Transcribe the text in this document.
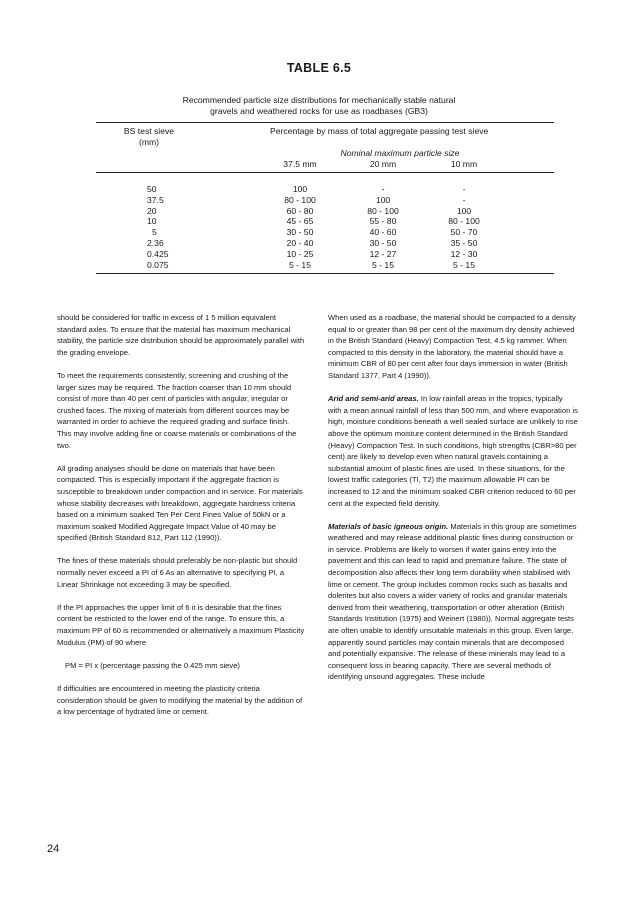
TABLE 6.5
Recommended particle size distributions for mechanically stable natural
gravels and weathered rocks for use as roadbases (GB3)
BS test sieve
(mm)
Percentage by mass of total aggregate passing test sieve
Nominal maximum particle size
37.5 mm	20 mm	10 mm
50
37.5
20
10
5
2.36
0.425
0.075
100
80 - 100
60 - 80
45 - 65
30 - 50
20 - 40
10 - 25
5 - 15
-
100
80 - 100
55 - 80
40 - 60
30 - 50
12 - 27
5 - 15
-
-
100
80 - 100
50 - 70
35 - 50
12 - 30
5 - 15

should be considered for traffic in excess of 1 5 million equivalent standard axles. To ensure that the material has maximum mechanical stability, the particle size distribution should be approximately parallel with the grading envelope.

To meet the requirements consistently, screening and crushing of the larger sizes may be required. The fraction coarser than 10 mm should consist of more than 40 per cent of particles with angular, irregular or crushed faces. The mixing of materials from different sources may be warranted in order to achieve the required grading and surface finish. This may involve adding fine or coarse materials or combinations of the two.

All grading analyses should be done on materials that have been compacted. This is especially important if the aggregate fraction is susceptible to breakdown under compaction and in service. For materials whose stability decreases with breakdown, aggregate hardness criteria based on a minimum soaked Ten Per Cent Fines Value of 50kN or a maximum soaked Modified Aggregate Impact Value of 40 may be specified (British Standard 812, Part 112 (1990)).

The fines of these materials should preferably be non-plastic but should normally never exceed a PI of 6 As an alternative to specifying PI, a Linear Shrinkage not exceeding 3 may be specified.

If the PI approaches the upper limit of 6 it is desirable that the fines content be restricted to the lower end of the range. To ensure this, a maximum PP of 60 is recommended or alternatively a maximum Plasticity Modulus (PM) of 90 where

PM = PI x (percentage passing the 0.425 mm sieve)

If difficulties are encountered in meeting the plasticity criteria consideration should be given to modifying the material by the addition of a low percentage of hydrated lime or cement.

When used as a roadbase, the material should be compacted to a density equal to or greater than 98 per cent of the maximum dry density achieved in the British Standard (Heavy) Compaction Test, 4.5 kg rammer. When compacted to this density in the laboratory, the material should have a minimum CBR of 80 per cent after four days immersion in water (British Standard 1377, Part 4 (1990)).

Arid and semi-arid areas. In low rainfall areas in the tropics, typically with a mean annual rainfall of less than 500 mm, and where evaporation is high, moisture conditions beneath a well sealed surface are unlikely to rise above the optimum moisture content determined in the British Standard (Heavy) Compaction Test. In such conditions, high strengths (CBR>80 per cent) are likely to develop even when natural gravels containing a substantial amount of plastic fines are used. In these situations, for the lowest traffic categories (TI, T2) the maximum allowable PI can be increased to 12 and the minimum soaked CBR criterion reduced to 60 per cent at the expected field density.

Materials of basic igneous origin. Materials in this group are sometimes weathered and may release additional plastic fines during construction or in service. Problems are likely to worsen if water gains entry into the pavement and this can lead to rapid and premature failure. The state of decomposition also affects their long term durability when stabilised with lime or cement. The group includes common rocks such as basalts and dolerites but also covers a wider variety of rocks and granular materials derived from their weathering, transportation or other alteration (British Standards Institution (1975) and Weinert (1980)). Normal aggregate tests are often unable to identify unsuitable materials in this group. Even large, apparently sound particles may contain minerals that are decomposed and potentially expansive. The release of these minerals may lead to a consequent loss in bearing capacity. There are several methods of identifying unsound aggregates. These include

24
